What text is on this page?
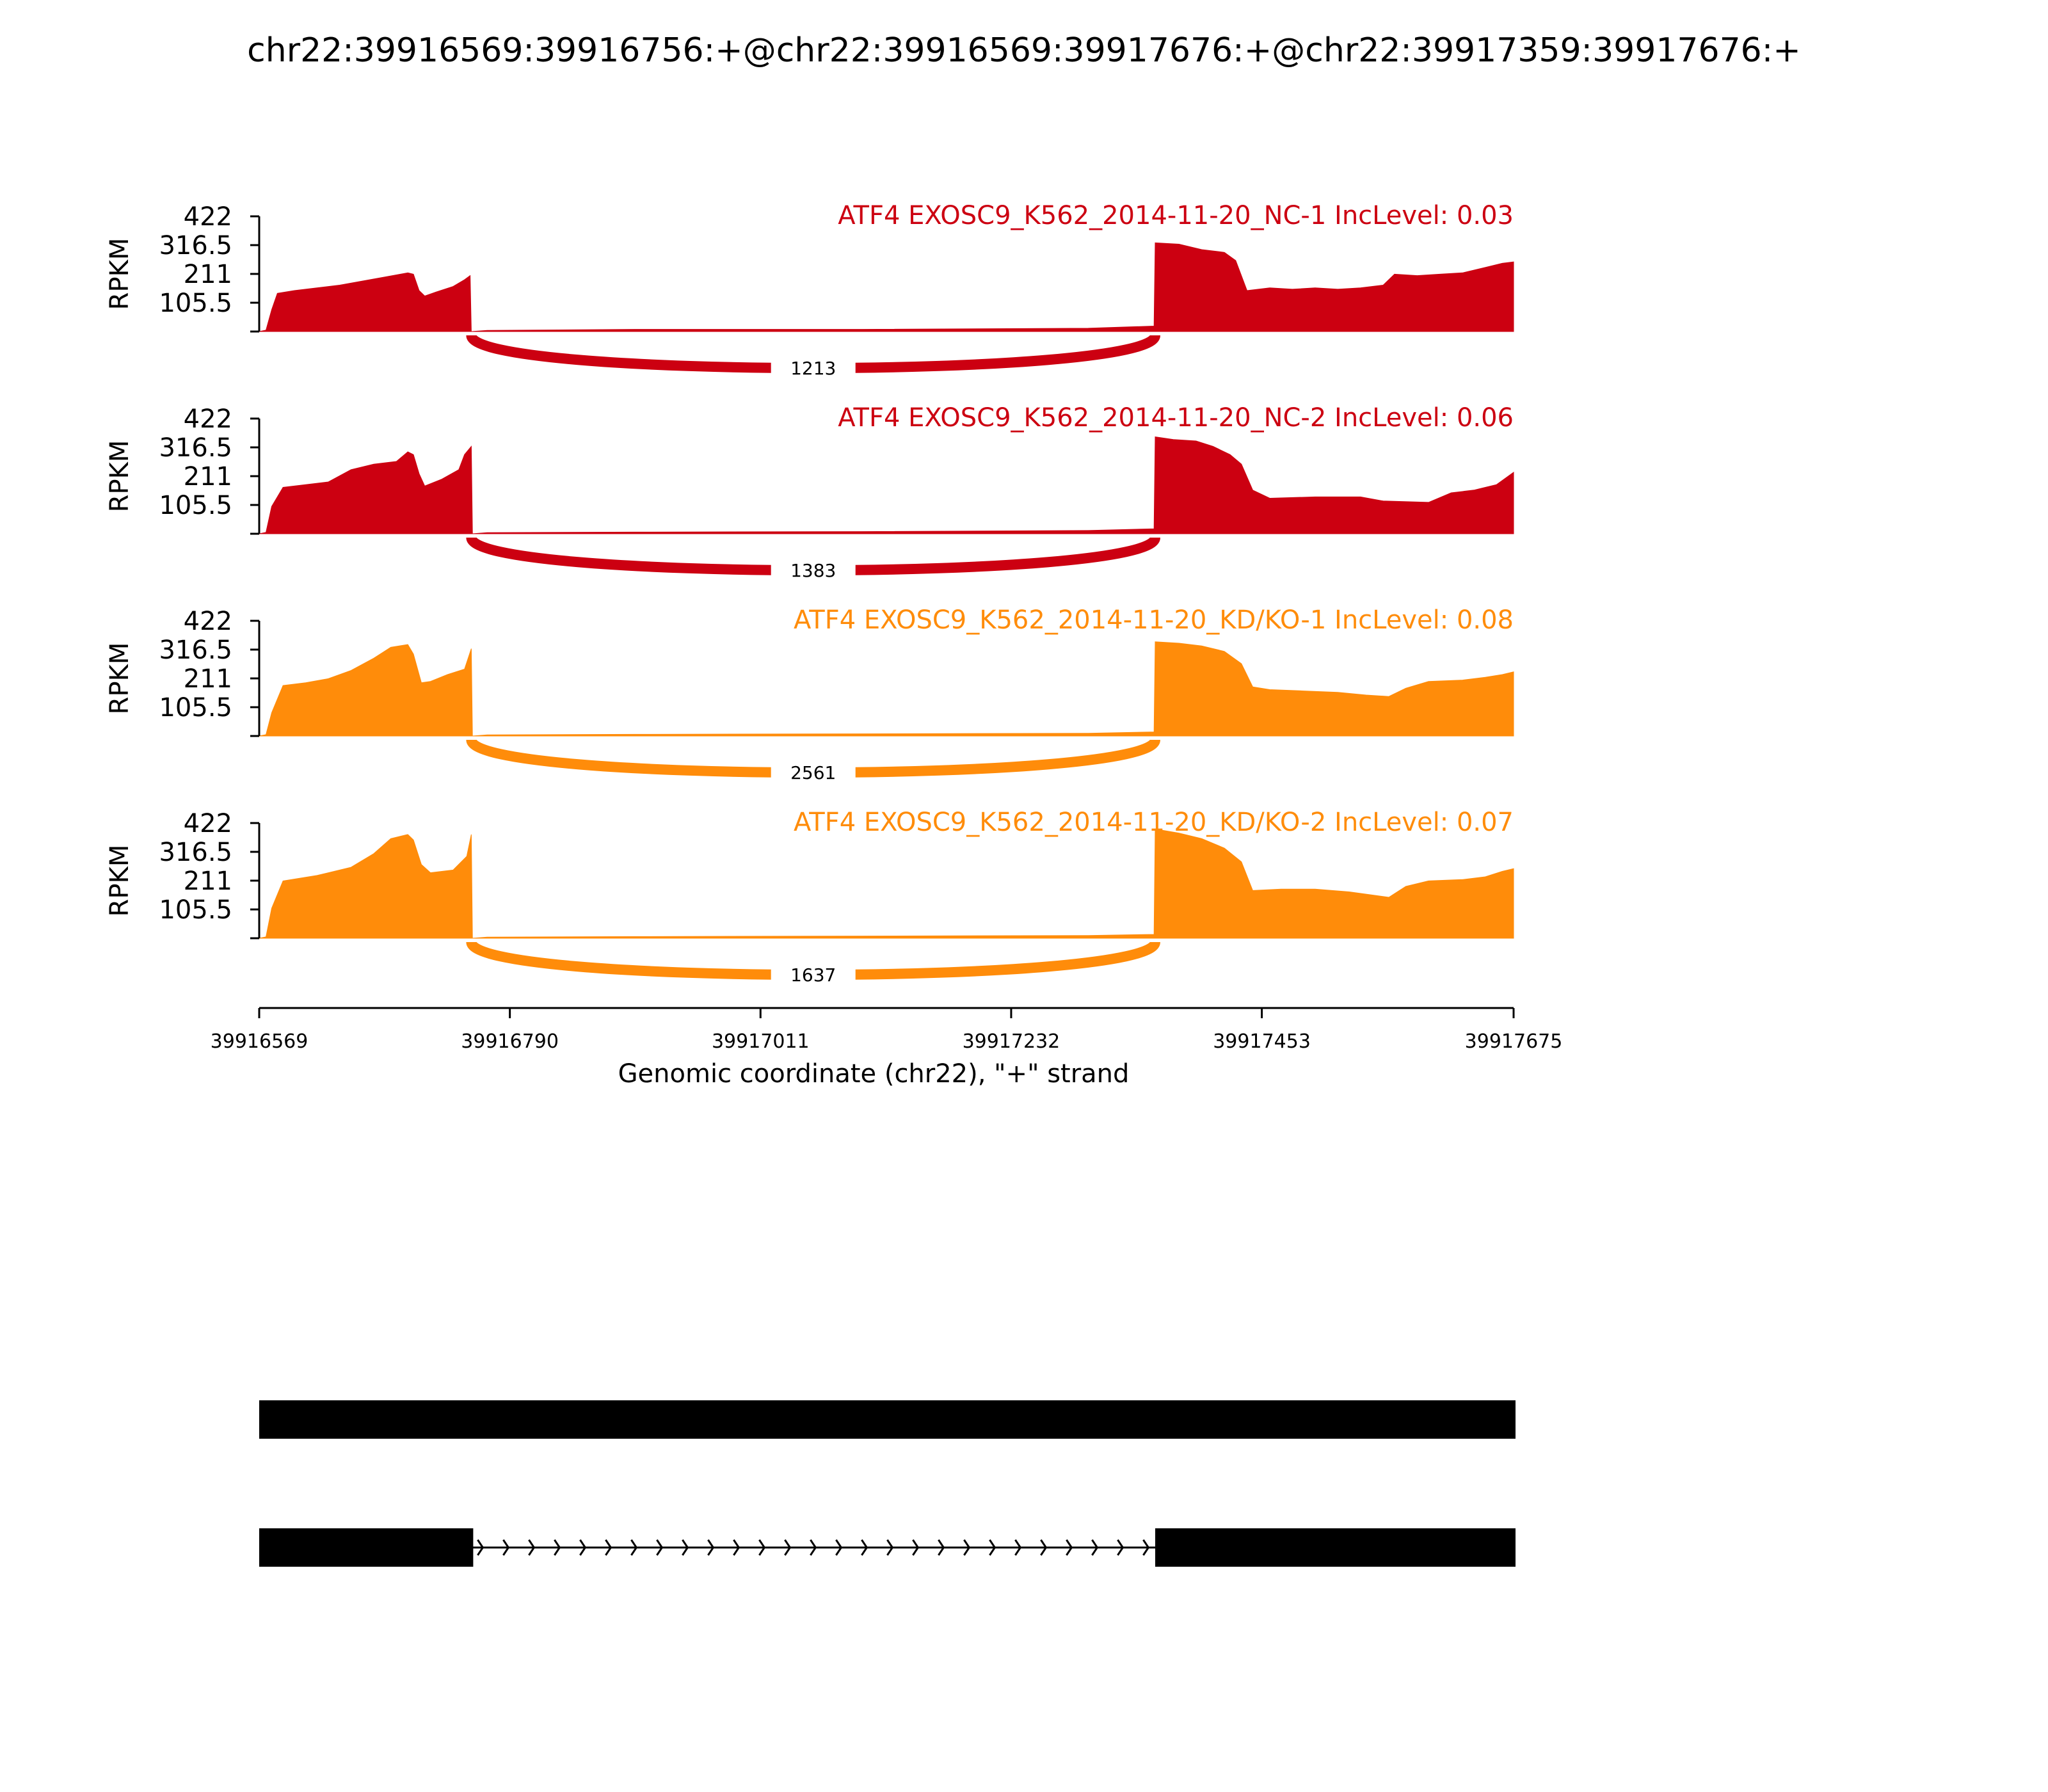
chr22:39916569:39916756:+@chr22:39916569:39917676:+@chr22:39917359:39917676:+
422
316.5
211
105.5
RPKM
ATF4 EXOSC9_K562_2014-11-20_NC-1 IncLevel: 0.03
1213
422
316.5
211
105.5
RPKM
ATF4 EXOSC9_K562_2014-11-20_NC-2 IncLevel: 0.06
1383
422
316.5
211
105.5
RPKM
ATF4 EXOSC9_K562_2014-11-20_KD/KO-1 IncLevel: 0.08
2561
422
316.5
211
105.5
RPKM
ATF4 EXOSC9_K562_2014-11-20_KD/KO-2 IncLevel: 0.07
1637
39916569	39916790	39917011	39917232	39917453	39917675
Genomic coordinate (chr22), "+" strand
